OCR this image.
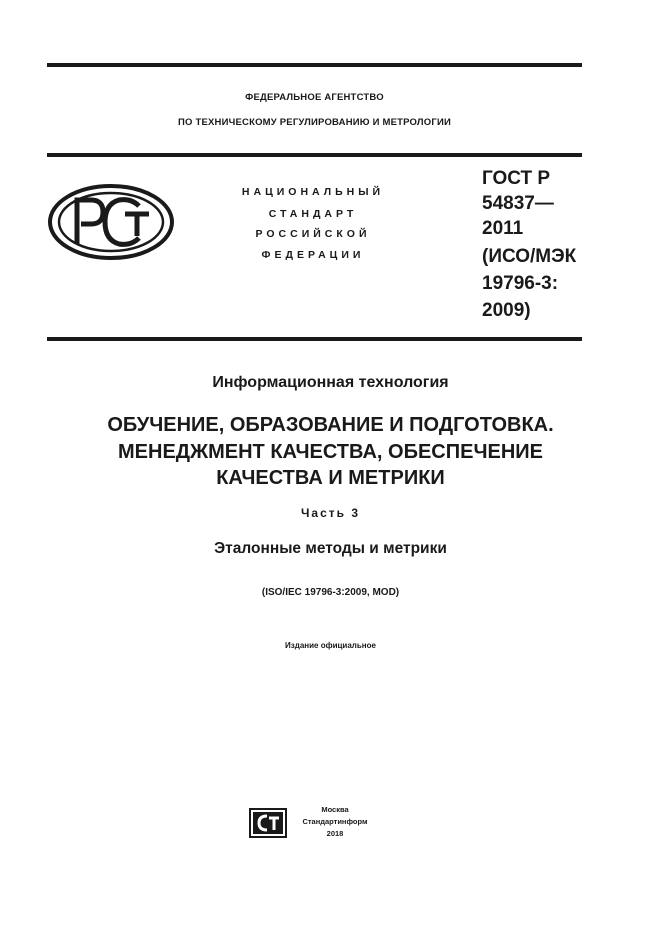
ФЕДЕРАЛЬНОЕ АГЕНТСТВО
ПО ТЕХНИЧЕСКОМУ РЕГУЛИРОВАНИЮ И МЕТРОЛОГИИ
НАЦИОНАЛЬНЫЙ
СТАНДАРТ
РОССИЙСКОЙ
ФЕДЕРАЦИИ
ГОСТ Р
54837—
2011
(ИСО/МЭК
19796-3:
2009)
Информационная технология
ОБУЧЕНИЕ, ОБРАЗОВАНИЕ И ПОДГОТОВКА.
МЕНЕДЖМЕНТ КАЧЕСТВА, ОБЕСПЕЧЕНИЕ
КАЧЕСТВА И МЕТРИКИ
Часть 3
Эталонные методы и метрики
(ISO/IEC 19796-3:2009, MOD)
Издание официальное
Москва
Стандартинформ
2018
